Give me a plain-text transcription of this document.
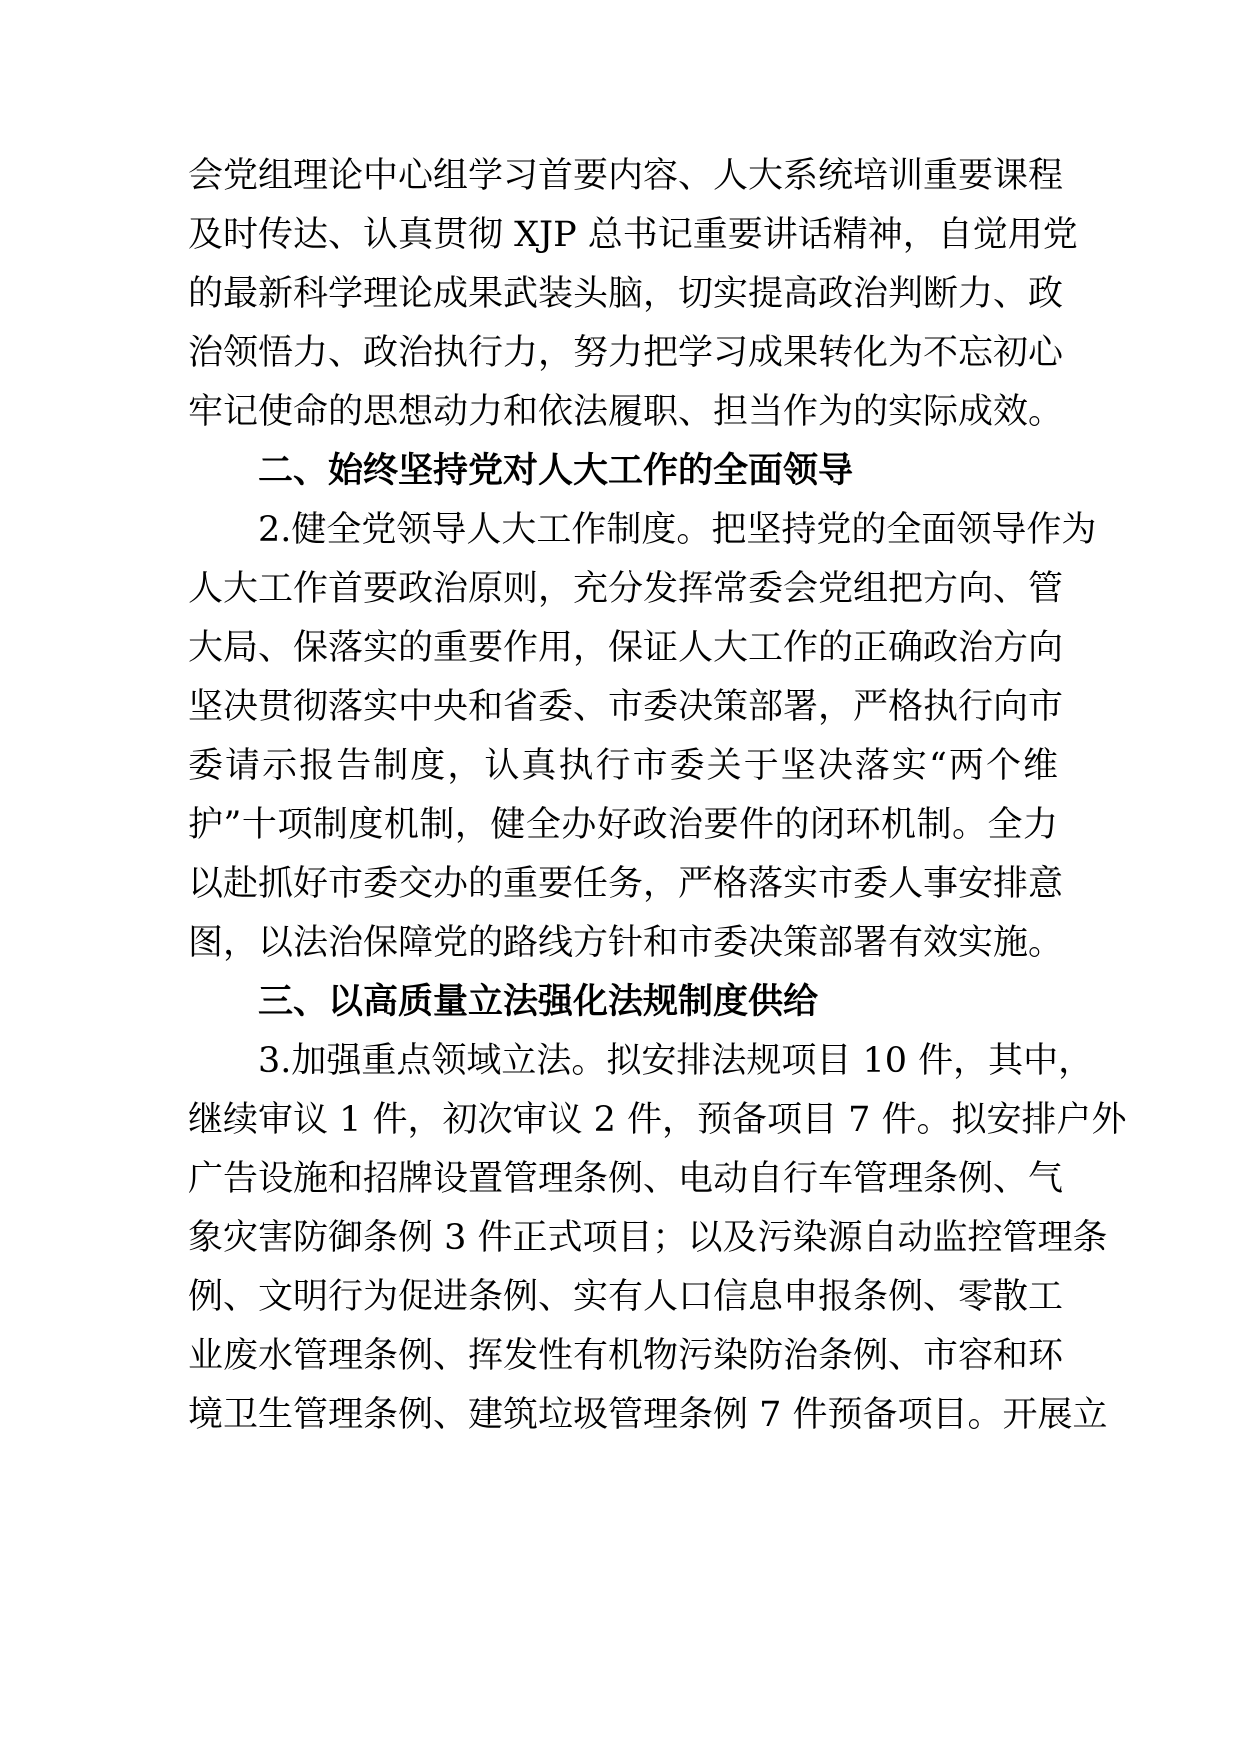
会党组理论中心组学习首要内容、人大系统培训重要课程
及时传达、认真贯彻 XJP 总书记重要讲话精神，自觉用党
的最新科学理论成果武装头脑，切实提高政治判断力、政
治领悟力、政治执行力，努力把学习成果转化为不忘初心
牢记使命的思想动力和依法履职、担当作为的实际成效。
二、始终坚持党对人大工作的全面领导
2.健全党领导人大工作制度。把坚持党的全面领导作为
人大工作首要政治原则，充分发挥常委会党组把方向、管
大局、保落实的重要作用，保证人大工作的正确政治方向
坚决贯彻落实中央和省委、市委决策部署，严格执行向市
委请示报告制度，认真执行市委关于坚决落实“两个维
护”十项制度机制，健全办好政治要件的闭环机制。全力
以赴抓好市委交办的重要任务，严格落实市委人事安排意
图，以法治保障党的路线方针和市委决策部署有效实施。
三、以高质量立法强化法规制度供给
3.加强重点领域立法。拟安排法规项目 10 件，其中，
继续审议 1 件，初次审议 2 件，预备项目 7 件。拟安排户外
广告设施和招牌设置管理条例、电动自行车管理条例、气
象灾害防御条例 3 件正式项目；以及污染源自动监控管理条
例、文明行为促进条例、实有人口信息申报条例、零散工
业废水管理条例、挥发性有机物污染防治条例、市容和环
境卫生管理条例、建筑垃圾管理条例 7 件预备项目。开展立
